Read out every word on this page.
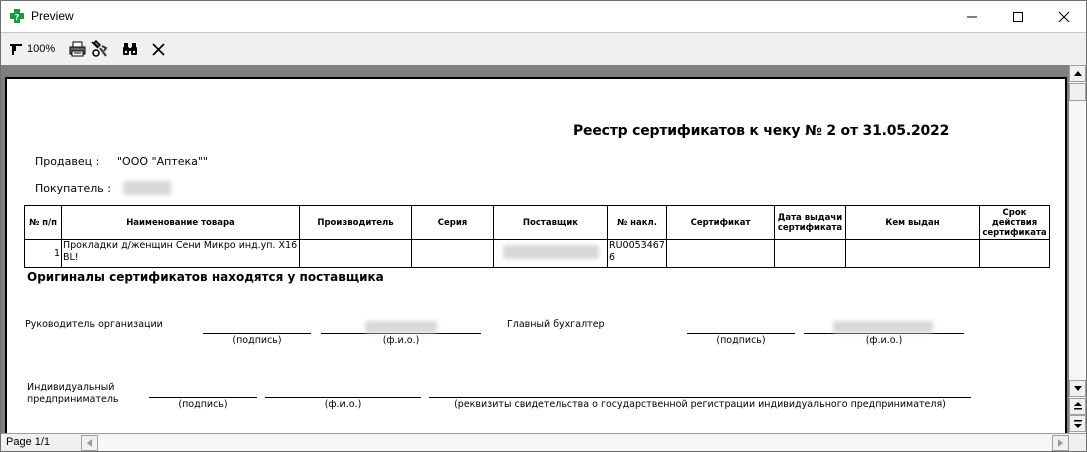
? Preview
100%
Реестр сертификатов к чеку № 2 от 31.05.2022
Продавец : "ООО "Аптека""
Покупатель :
№ п/п	Наименование товара	Производитель	Серия	Поставщик	№ накл.	Сертификат	Дата выдачи сертификата	Кем выдан	Срок действия сертификата
1	Прокладки д/женщин Сени Микро инд.уп. X16 BL!				RU00534676				
Оригиналы сертификатов находятся у поставщика
Руководитель организации
(подпись)	(ф.и.о.)
Главный бухгалтер
(подпись)	(ф.и.о.)
Индивидуальный предприниматель	(подпись)	(ф.и.о.)	(реквизиты свидетельства о государственной регистрации индивидуального предпринимателя)
Page 1/1
